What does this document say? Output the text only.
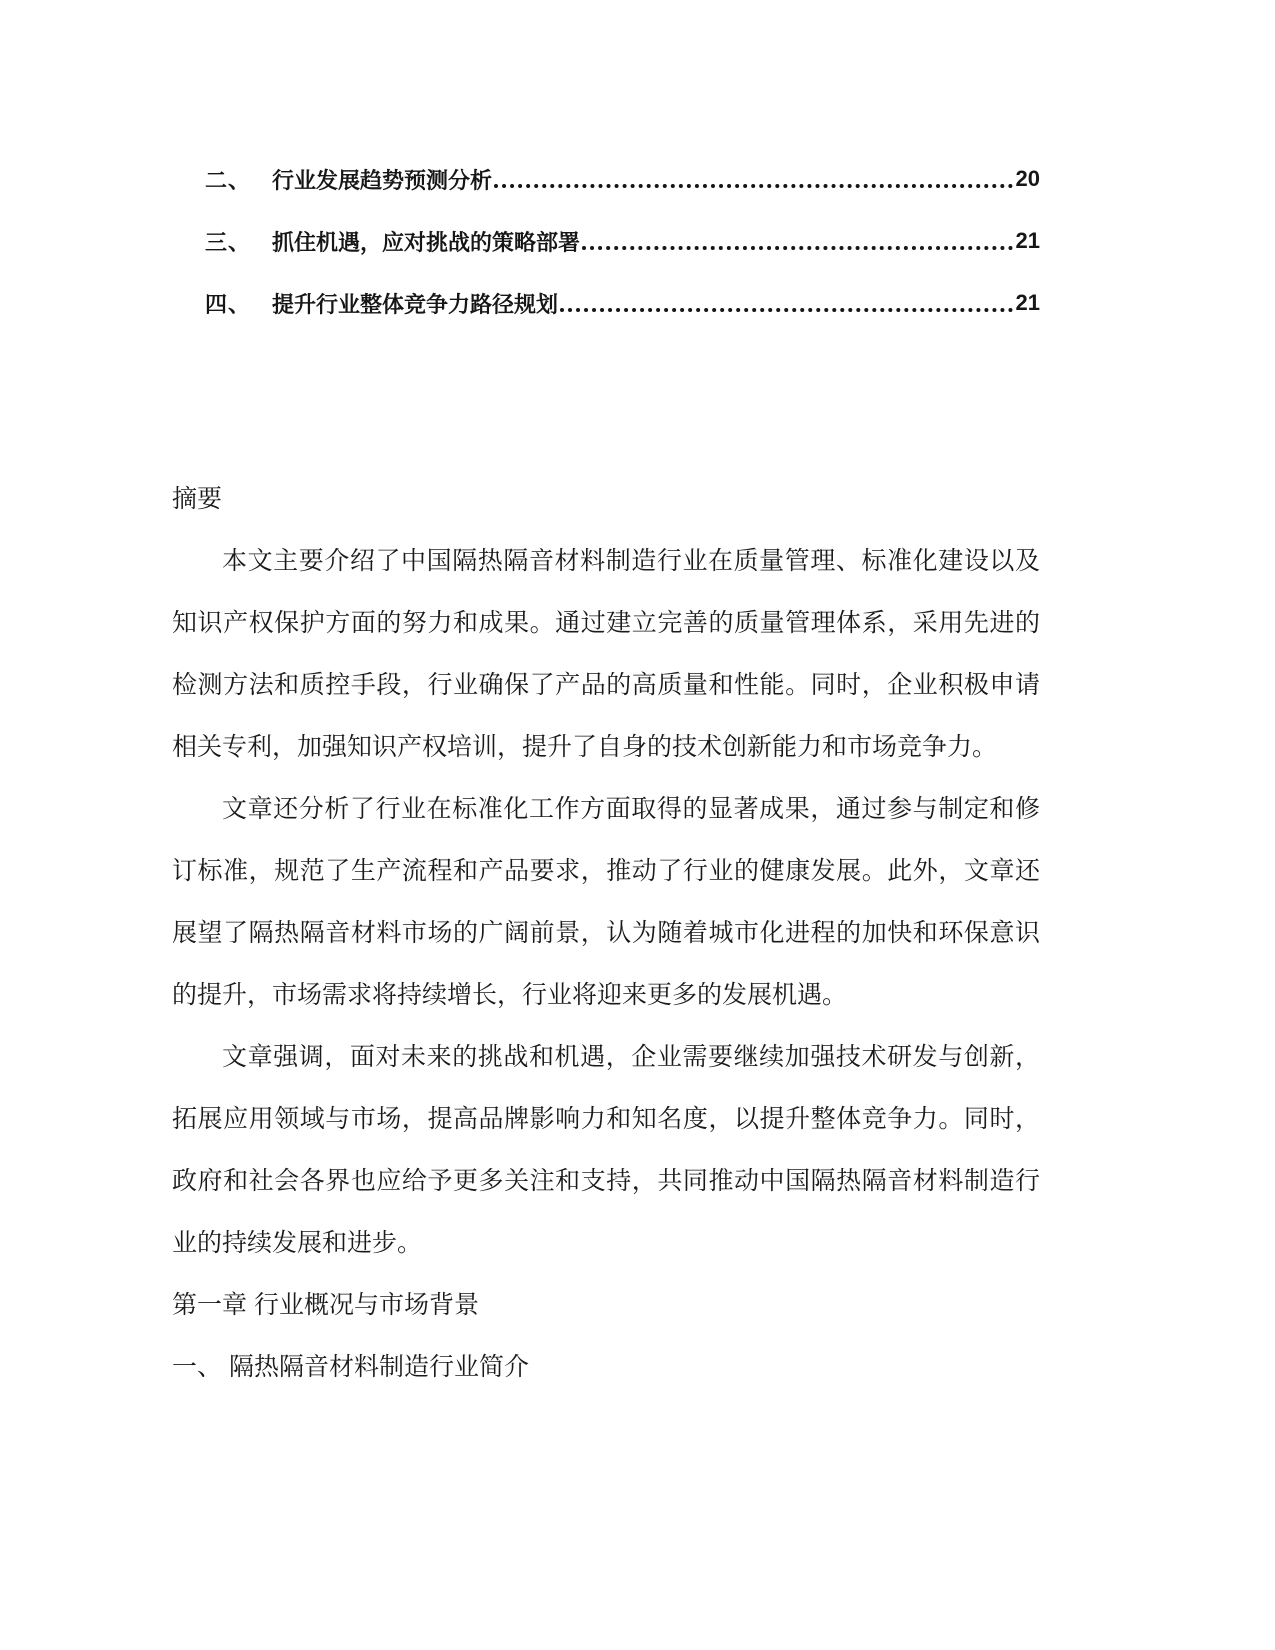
二、 行业发展趋势预测分析	20
三、 抓住机遇，应对挑战的策略部署	21
四、 提升行业整体竞争力路径规划	21
摘要

本文主要介绍了中国隔热隔音材料制造行业在质量管理、标准化建设以及知识产权保护方面的努力和成果。通过建立完善的质量管理体系，采用先进的检测方法和质控手段，行业确保了产品的高质量和性能。同时，企业积极申请相关专利，加强知识产权培训，提升了自身的技术创新能力和市场竞争力。

文章还分析了行业在标准化工作方面取得的显著成果，通过参与制定和修订标准，规范了生产流程和产品要求，推动了行业的健康发展。此外，文章还展望了隔热隔音材料市场的广阔前景，认为随着城市化进程的加快和环保意识的提升，市场需求将持续增长，行业将迎来更多的发展机遇。

文章强调，面对未来的挑战和机遇，企业需要继续加强技术研发与创新，拓展应用领域与市场，提高品牌影响力和知名度，以提升整体竞争力。同时，政府和社会各界也应给予更多关注和支持，共同推动中国隔热隔音材料制造行业的持续发展和进步。

第一章 行业概况与市场背景
一、 隔热隔音材料制造行业简介
